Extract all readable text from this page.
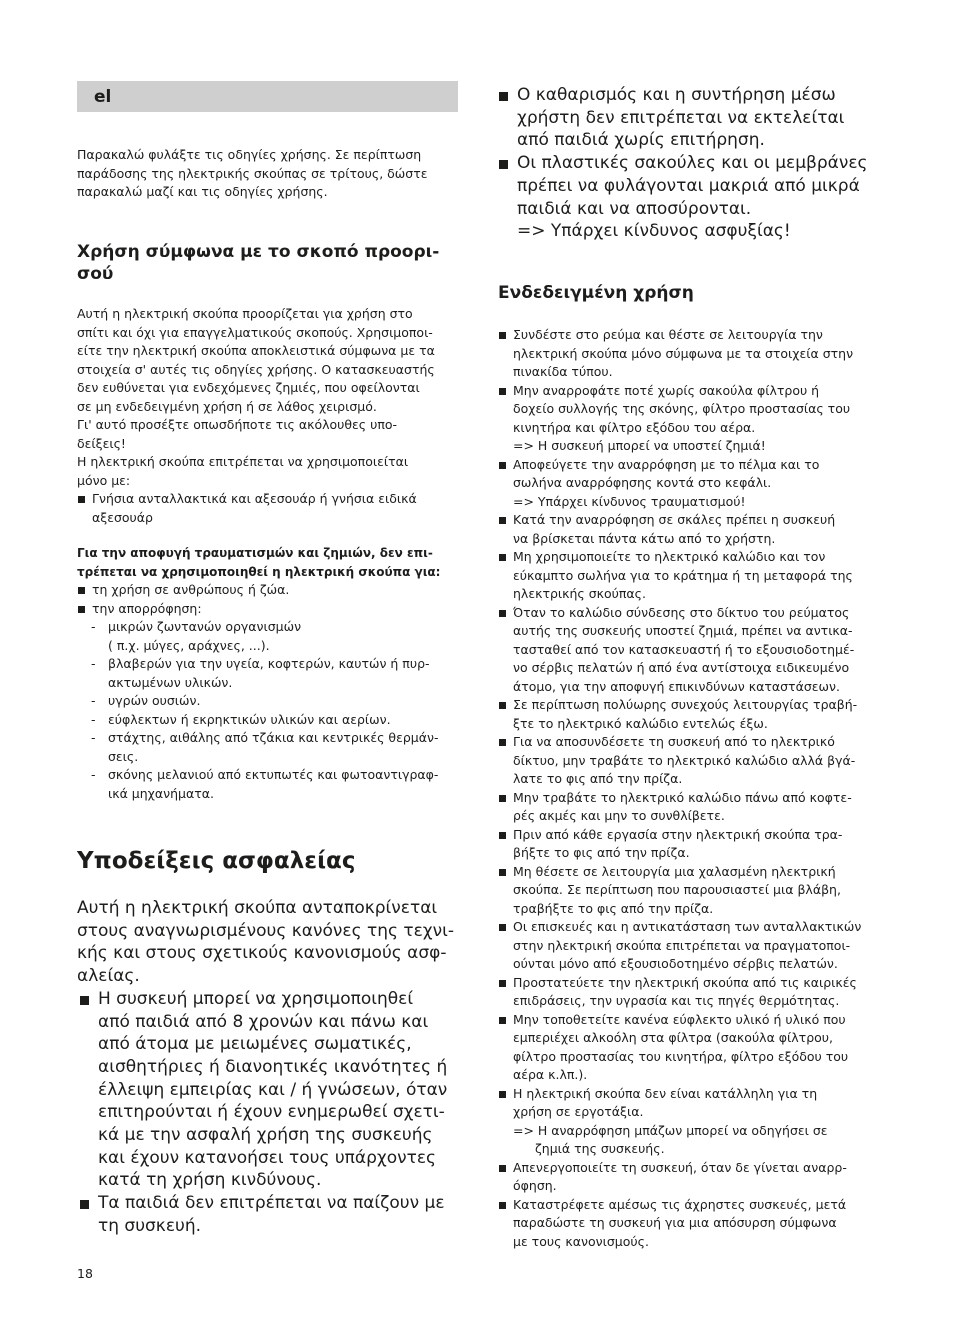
el

Παρακαλώ φυλάξτε τις οδηγίες χρήσης. Σε περίπτωση

παράδοσης της ηλεκτρικής σκούπας σε τρίτους, δώστε

παρακαλώ μαζί και τις οδηγίες χρήσης.

Χρήση σύμφωνα με το σκοπό προορι-
σού

Αυτή η ηλεκτρική σκούπα προορίζεται για χρήση στο

σπίτι και όχι για επαγγελματικούς σκοπούς. Χρησιμοποι-

είτε την ηλεκτρική σκούπα αποκλειστικά σύμφωνα με τα

στοιχεία σ' αυτές τις οδηγίες χρήσης. Ο κατασκευαστής

δεν ευθύνεται για ενδεχόμενες ζημιές, που οφείλονται

σε μη ενδεδειγμένη χρήση ή σε λάθος χειρισμό.

Γι' αυτό προσέξτε οπωσδήποτε τις ακόλουθες υπο-

δείξεις!

Η ηλεκτρική σκούπα επιτρέπεται να χρησιμοποιείται

μόνο με:

Γνήσια ανταλλακτικά και αξεσουάρ ή γνήσια ειδικά
αξεσουάρ
Για την αποφυγή τραυματισμών και ζημιών, δεν επι-
τρέπεται να χρησιμοποιηθεί η ηλεκτρική σκούπα για:
τη χρήση σε ανθρώπους ή ζώα.
την απορρόφηση:
- μικρών ζωντανών οργανισμών
( π.χ. μύγες, αράχνες, ...).
- βλαβερών για την υγεία, κοφτερών, καυτών ή πυρ-
ακτωμένων υλικών.
- υγρών ουσιών.
- εύφλεκτων ή εκρηκτικών υλικών και αερίων.
- στάχτης, αιθάλης από τζάκια και κεντρικές θερμάν-
σεις.
- σκόνης μελανιού από εκτυπωτές και φωτοαντιγραφ-
ικά μηχανήματα.
Υποδείξεις ασφαλείας

Αυτή η ηλεκτρική σκούπα ανταποκρίνεται

στους αναγνωρισμένους κανόνες της τεχνι-

κής και στους σχετικούς κανονισμούς ασφ-

αλείας.

Η συσκευή μπορεί να χρησιμοποιηθεί
από παιδιά από 8 χρονών και πάνω και
από άτομα με μειωμένες σωματικές,
αισθητήριες ή διανοητικές ικανότητες ή
έλλειψη εμπειρίας και / ή γνώσεων, όταν
επιτηρούνται ή έχουν ενημερωθεί σχετι-
κά με την ασφαλή χρήση της συσκευής
και έχουν κατανοήσει τους υπάρχοντες
κατά τη χρήση κινδύνους.
Τα παιδιά δεν επιτρέπεται να παίζουν με
τη συσκευή.
Ο καθαρισμός και η συντήρηση μέσω
χρήστη δεν επιτρέπεται να εκτελείται
από παιδιά χωρίς επιτήρηση.
Οι πλαστικές σακούλες και οι μεμβράνες
πρέπει να φυλάγονται μακριά από μικρά
παιδιά και να αποσύρονται.
=> Υπάρχει κίνδυνος ασφυξίας!
Ενδεδειγμένη χρήση
Συνδέστε στο ρεύμα και θέστε σε λειτουργία την
ηλεκτρική σκούπα μόνο σύμφωνα με τα στοιχεία στην
πινακίδα τύπου.
Μην αναρροφάτε ποτέ χωρίς σακούλα φίλτρου ή
δοχείο συλλογής της σκόνης, φίλτρο προστασίας του
κινητήρα και φίλτρο εξόδου του αέρα.
=> Η συσκευή μπορεί να υποστεί ζημιά!
Αποφεύγετε την αναρρόφηση με το πέλμα και το
σωλήνα αναρρόφησης κοντά στο κεφάλι.
=> Υπάρχει κίνδυνος τραυματισμού!
Κατά την αναρρόφηση σε σκάλες πρέπει η συσκευή
να βρίσκεται πάντα κάτω από το χρήστη.
Μη χρησιμοποιείτε το ηλεκτρικό καλώδιο και τον
εύκαμπτο σωλήνα για το κράτημα ή τη μεταφορά της
ηλεκτρικής σκούπας.
Όταν το καλώδιο σύνδεσης στο δίκτυο του ρεύματος
αυτής της συσκευής υποστεί ζημιά, πρέπει να αντικα-
τασταθεί από τον κατασκευαστή ή το εξουσιοδοτημέ-
νο σέρβις πελατών ή από ένα αντίστοιχα ειδικευμένο
άτομο, για την αποφυγή επικινδύνων καταστάσεων.
Σε περίπτωση πολύωρης συνεχούς λειτουργίας τραβή-
ξτε το ηλεκτρικό καλώδιο εντελώς έξω.
Για να αποσυνδέσετε τη συσκευή από το ηλεκτρικό
δίκτυο, μην τραβάτε το ηλεκτρικό καλώδιο αλλά βγά-
λατε το φις από την πρίζα.
Μην τραβάτε το ηλεκτρικό καλώδιο πάνω από κοφτε-
ρές ακμές και μην το συνθλίβετε.
Πριν από κάθε εργασία στην ηλεκτρική σκούπα τρα-
βήξτε το φις από την πρίζα.
Μη θέσετε σε λειτουργία μια χαλασμένη ηλεκτρική
σκούπα. Σε περίπτωση που παρουσιαστεί μια βλάβη,
τραβήξτε το φις από την πρίζα.
Οι επισκευές και η αντικατάσταση των ανταλλακτικών
στην ηλεκτρική σκούπα επιτρέπεται να πραγματοποι-
ούνται μόνο από εξουσιοδοτημένο σέρβις πελατών.
Προστατεύετε την ηλεκτρική σκούπα από τις καιρικές
επιδράσεις, την υγρασία και τις πηγές θερμότητας.
Μην τοποθετείτε κανένα εύφλεκτο υλικό ή υλικό που
εμπεριέχει αλκοόλη στα φίλτρα (σακούλα φίλτρου,
φίλτρο προστασίας του κινητήρα, φίλτρο εξόδου του
αέρα κ.λπ.).
Η ηλεκτρική σκούπα δεν είναι κατάλληλη για τη
χρήση σε εργοτάξια.
=> Η αναρρόφηση μπάζων μπορεί να οδηγήσει σε
ζημιά της συσκευής.
Απενεργοποιείτε τη συσκευή, όταν δε γίνεται αναρρ-
όφηση.
Καταστρέφετε αμέσως τις άχρηστες συσκευές, μετά
παραδώστε τη συσκευή για μια απόσυρση σύμφωνα
με τους κανονισμούς.
18
